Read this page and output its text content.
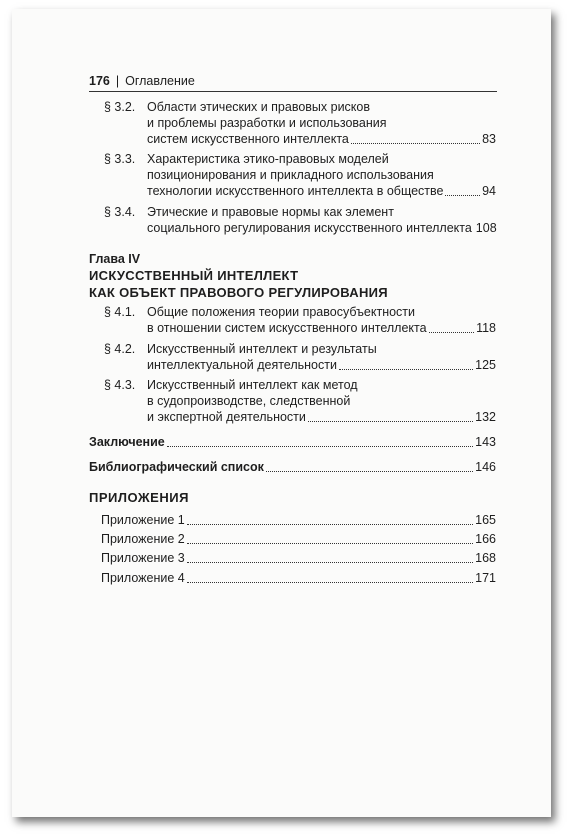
176 | Оглавление
§ 3.2. Области этических и правовых рисков
и проблемы разработки и использования
систем искусственного интеллекта	83
§ 3.3. Характеристика этико-правовых моделей
позиционирования и прикладного использования
технологии искусственного интеллекта в обществе	94
§ 3.4. Этические и правовые нормы как элемент
социального регулирования искусственного интеллекта 108
Глава IV
ИСКУССТВЕННЫЙ ИНТЕЛЛЕКТ
КАК ОБЪЕКТ ПРАВОВОГО РЕГУЛИРОВАНИЯ
§ 4.1. Общие положения теории правосубъектности
в отношении систем искусственного интеллекта	118
§ 4.2. Искусственный интеллект и результаты
интеллектуальной деятельности	125
§ 4.3. Искусственный интеллект как метод
в судопроизводстве, следственной
и экспертной деятельности	132
Заключение	143
Библиографический список	146
ПРИЛОЖЕНИЯ
Приложение 1	165
Приложение 2	166
Приложение 3	168
Приложение 4	171
